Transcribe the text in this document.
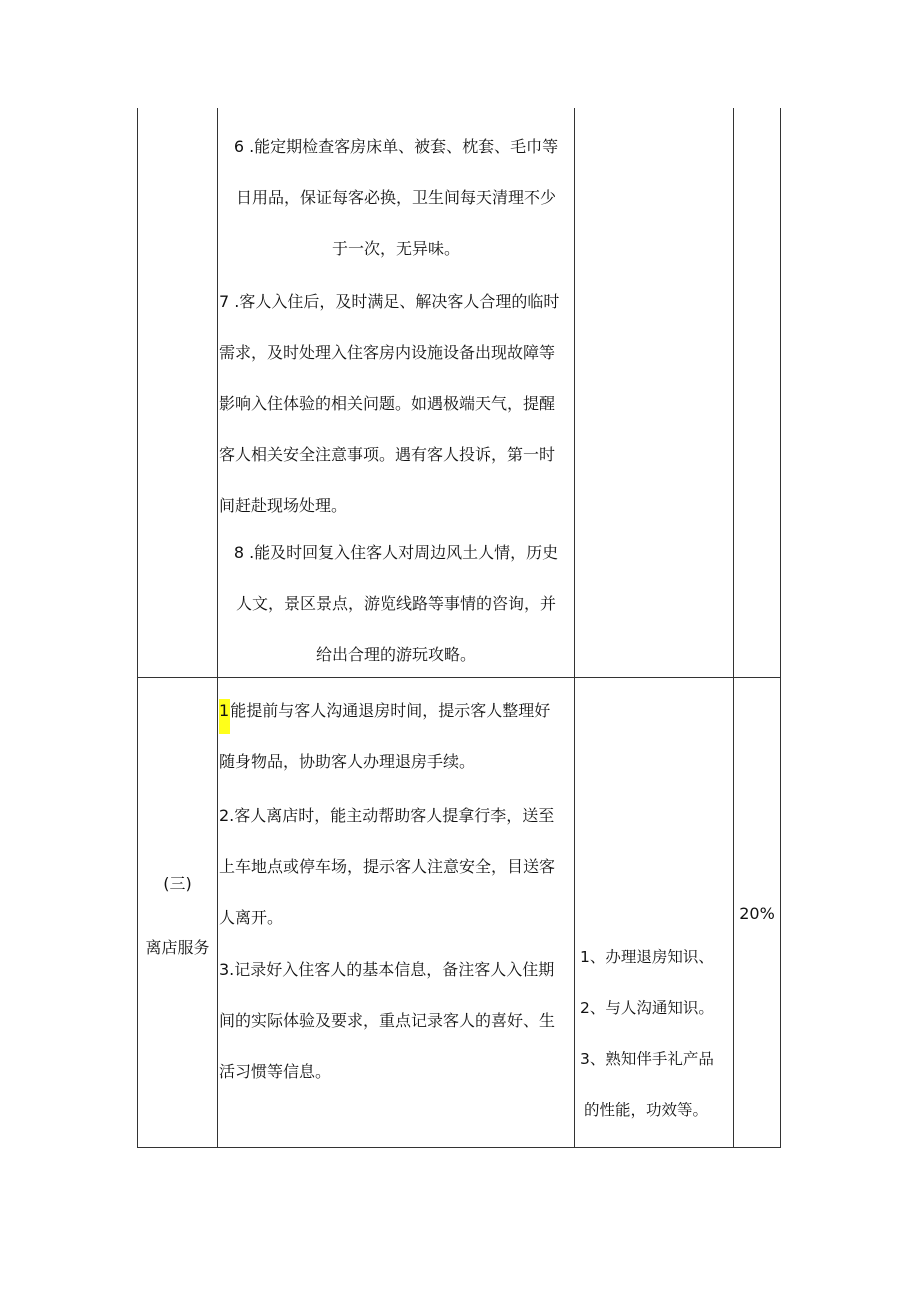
6 .能定期检查客房床单、被套、枕套、毛巾等
日用品，保证每客必换，卫生间每天清理不少
于一次，无异味。
7 .客人入住后，及时满足、解决客人合理的临时
需求，及时处理入住客房内设施设备出现故障等
影响入住体验的相关问题。如遇极端天气，提醒
客人相关安全注意事项。遇有客人投诉，第一时
间赶赴现场处理。
8 .能及时回复入住客人对周边风土人情，历史
人文，景区景点，游览线路等事情的咨询，并
给出合理的游玩攻略。
(三)
离店服务
1能提前与客人沟通退房时间，提示客人整理好
随身物品，协助客人办理退房手续。
2.客人离店时，能主动帮助客人提拿行李，送至
上车地点或停车场，提示客人注意安全，目送客
人离开。
3.记录好入住客人的基本信息，备注客人入住期
间的实际体验及要求，重点记录客人的喜好、生
活习惯等信息。
1、办理退房知识、
2、与人沟通知识。
3、熟知伴手礼产品
的性能，功效等。
20%
